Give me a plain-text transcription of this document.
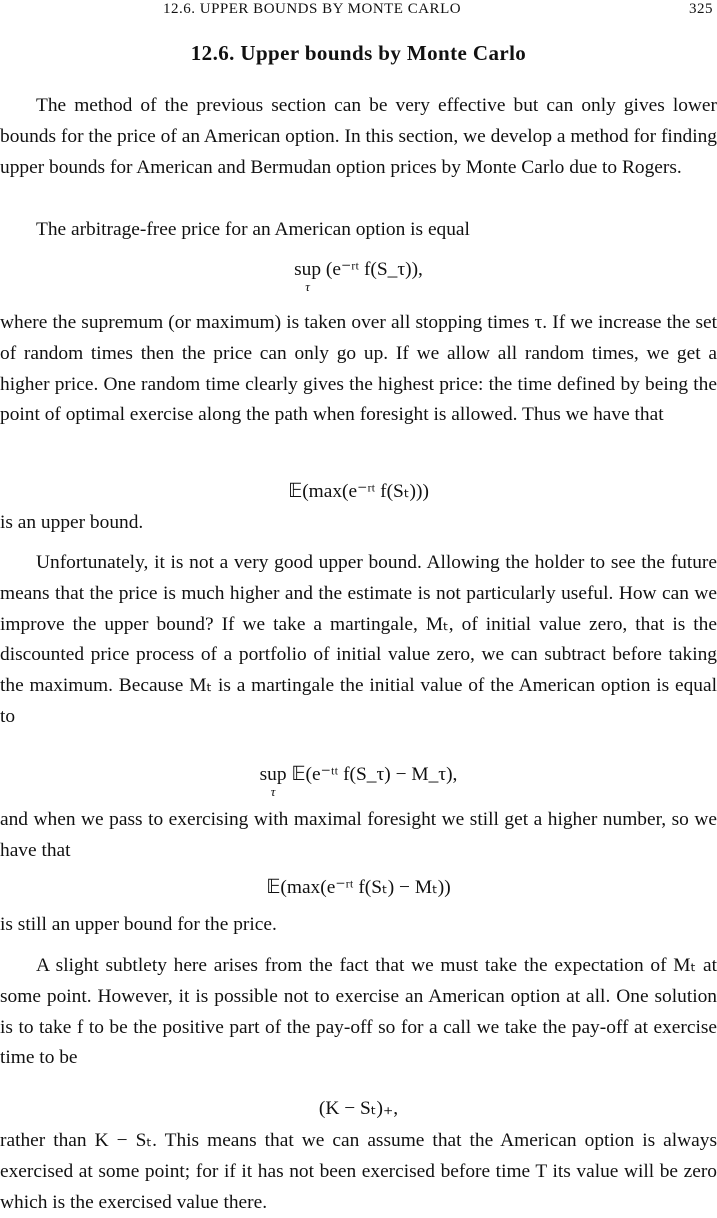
12.6. UPPER BOUNDS BY MONTE CARLO	325
12.6. Upper bounds by Monte Carlo

The method of the previous section can be very effective but can only gives lower bounds for the price of an American option. In this section, we develop a method for finding upper bounds for American and Bermudan option prices by Monte Carlo due to Rogers.

The arbitrage-free price for an American option is equal

sup
τ
(e⁻ʳᵗ f(S_τ)),

where the supremum (or maximum) is taken over all stopping times τ. If we increase the set of random times then the price can only go up. If we allow all random times, we get a higher price. One random time clearly gives the highest price: the time defined by being the point of optimal exercise along the path when foresight is allowed. Thus we have that

𝔼(max(e⁻ʳᵗ f(Sₜ)))

is an upper bound.

Unfortunately, it is not a very good upper bound. Allowing the holder to see the future means that the price is much higher and the estimate is not particularly useful. How can we improve the upper bound? If we take a martingale, Mₜ, of initial value zero, that is the discounted price process of a portfolio of initial value zero, we can subtract before taking the maximum. Because Mₜ is a martingale the initial value of the American option is equal to

sup
τ
𝔼(e⁻ᵗᵗ f(S_τ) − M_τ),

and when we pass to exercising with maximal foresight we still get a higher number, so we have that

𝔼(max(e⁻ʳᵗ f(Sₜ) − Mₜ))

is still an upper bound for the price.

A slight subtlety here arises from the fact that we must take the expectation of Mₜ at some point. However, it is possible not to exercise an American option at all. One solution is to take f to be the positive part of the pay-off so for a call we take the pay-off at exercise time to be

(K − Sₜ)₊,

rather than K − Sₜ. This means that we can assume that the American option is always exercised at some point; for if it has not been exercised before time T its value will be zero which is the exercised value there.
